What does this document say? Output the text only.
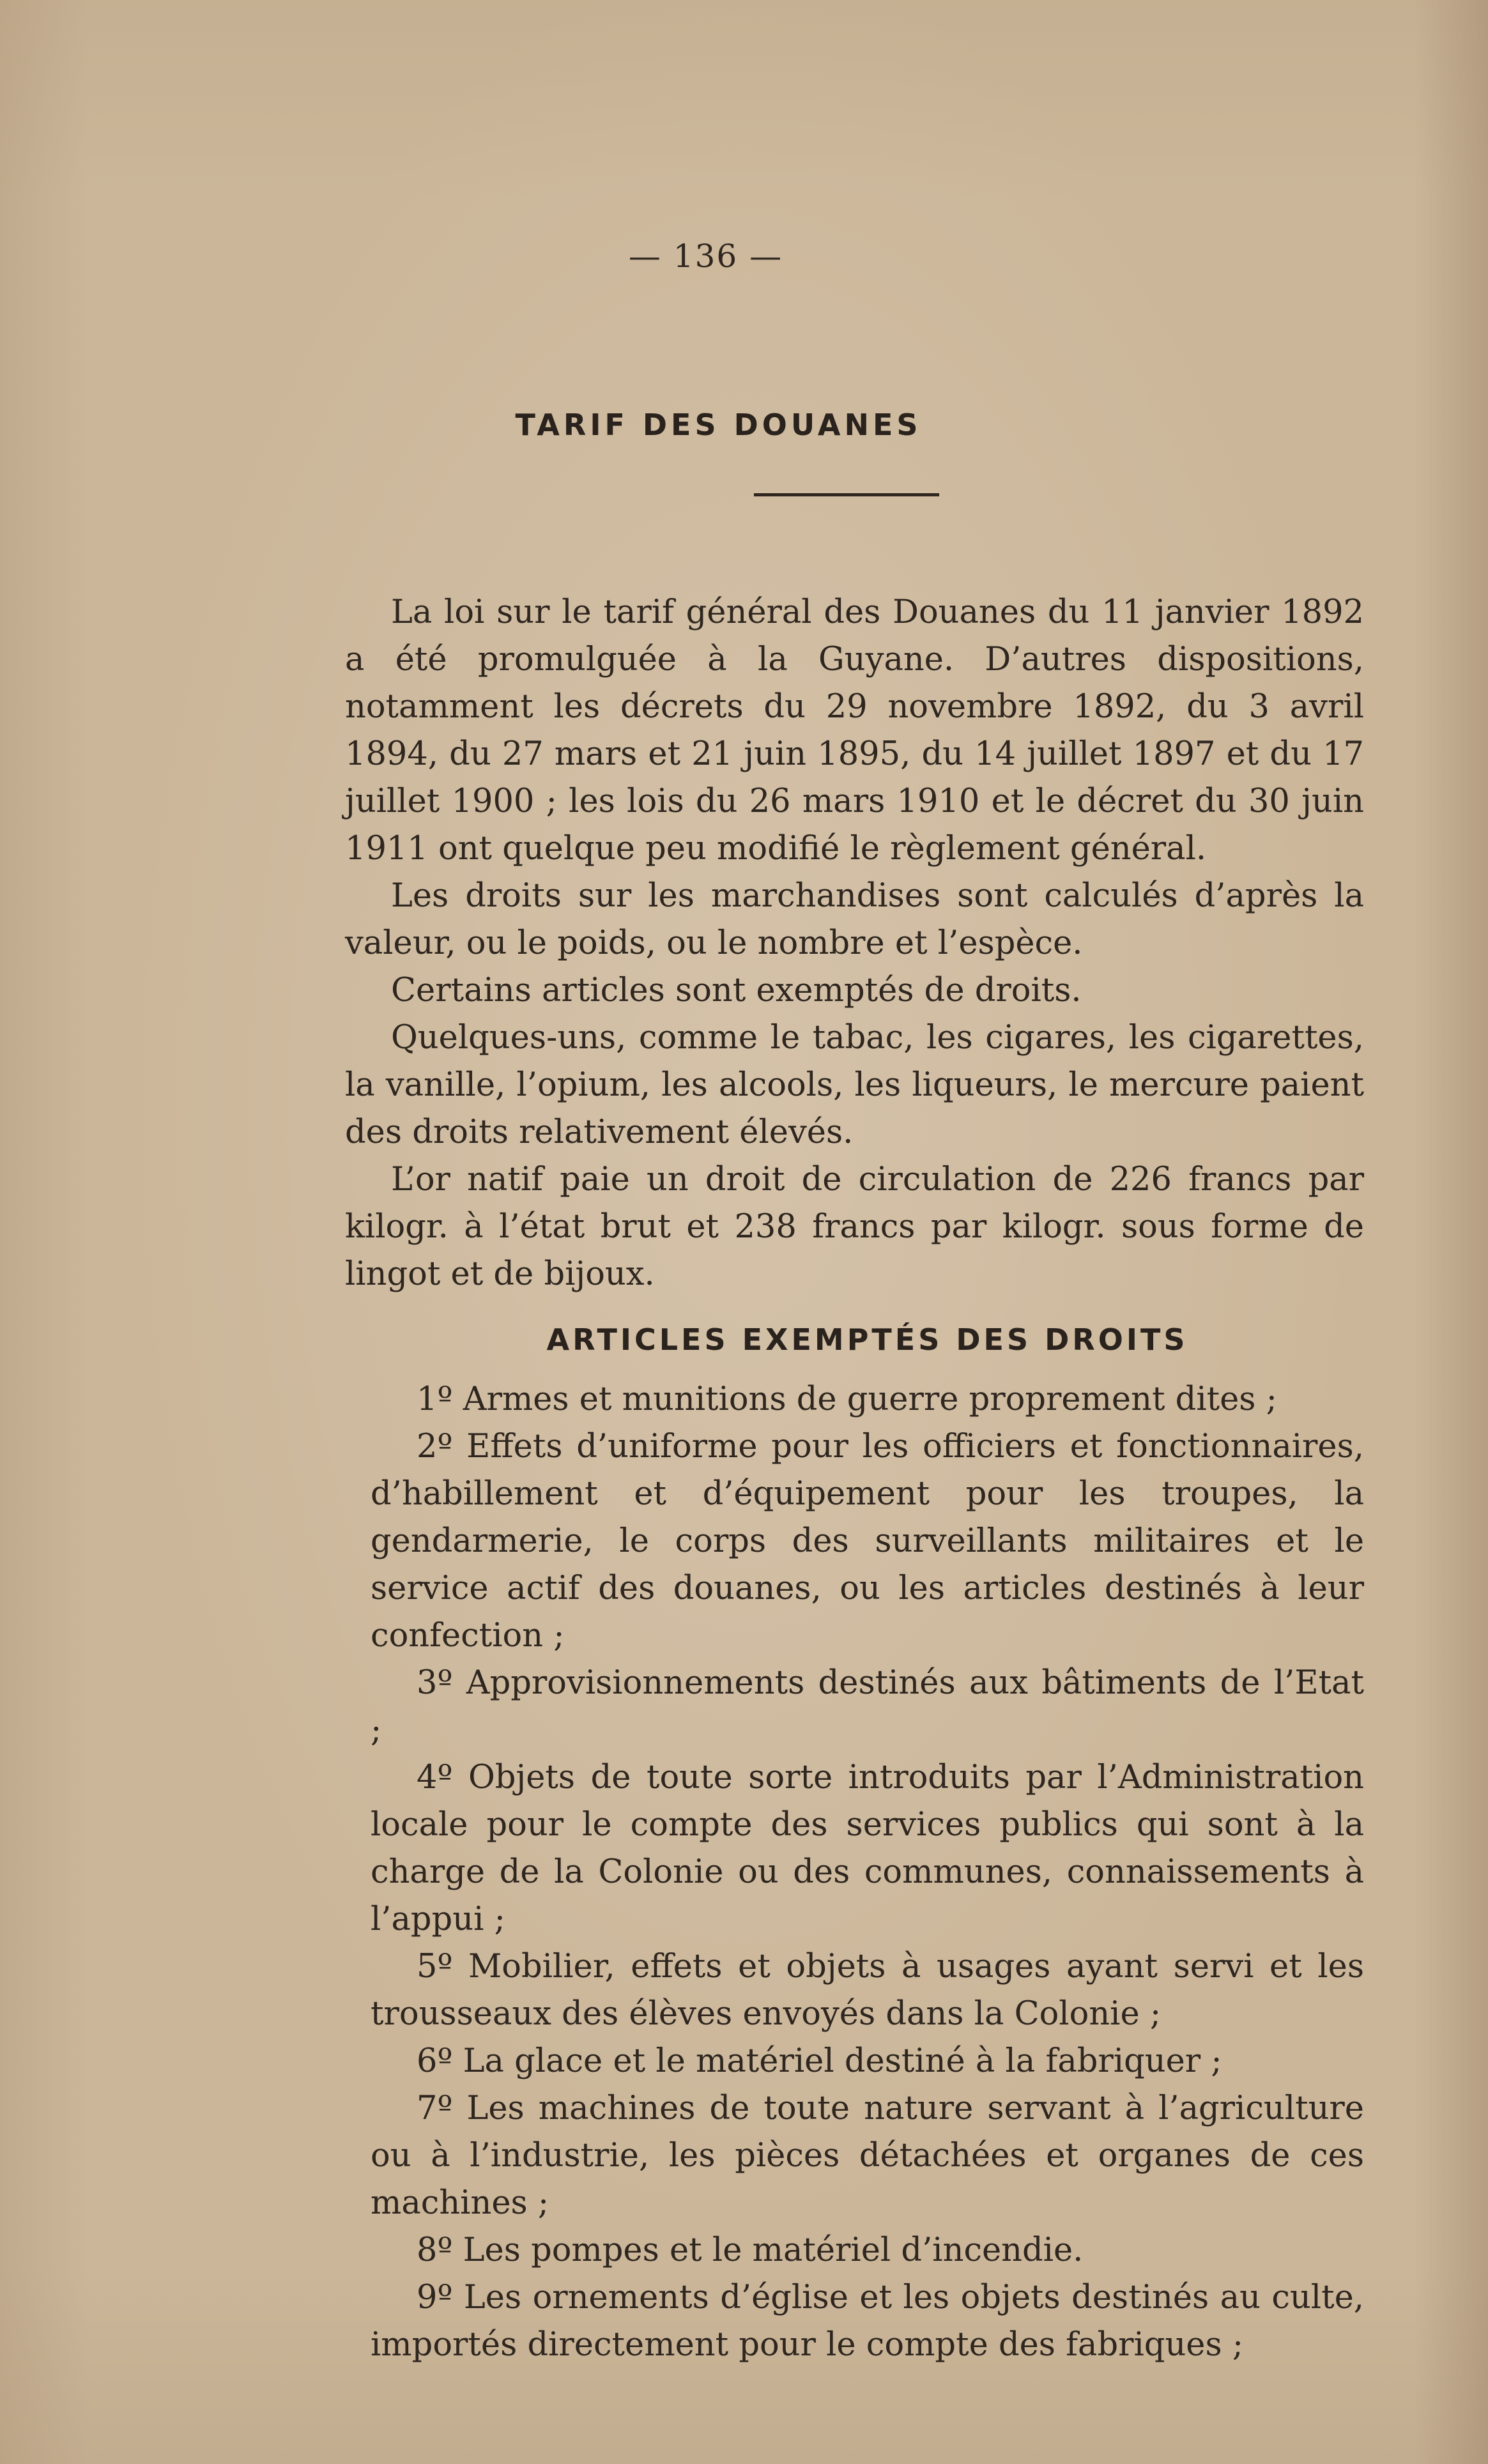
— 136 —
TARIF DES DOUANES

La loi sur le tarif général des Douanes du 11 janvier 1892 a été promulguée à la Guyane. D’autres dispositions, notamment les décrets du 29 novembre 1892, du 3 avril 1894, du 27 mars et 21 juin 1895, du 14 juillet 1897 et du 17 juillet 1900 ; les lois du 26 mars 1910 et le décret du 30 juin 1911 ont quelque peu modifié le règlement général.

Les droits sur les marchandises sont calculés d’après la valeur, ou le poids, ou le nombre et l’espèce.

Certains articles sont exemptés de droits.

Quelques-uns, comme le tabac, les cigares, les cigarettes, la vanille, l’opium, les alcools, les liqueurs, le mercure paient des droits relativement élevés.

L’or natif paie un droit de circulation de 226 francs par kilogr. à l’état brut et 238 francs par kilogr. sous forme de lingot et de bijoux.

ARTICLES EXEMPTÉS DES DROITS

1º Armes et munitions de guerre proprement dites ;

2º Effets d’uniforme pour les officiers et fonctionnaires, d’habillement et d’équipement pour les troupes, la gendarmerie, le corps des surveillants militaires et le service actif des douanes, ou les articles destinés à leur confection ;

3º Approvisionnements destinés aux bâtiments de l’Etat ;

4º Objets de toute sorte introduits par l’Administration locale pour le compte des services publics qui sont à la charge de la Colonie ou des communes, connaissements à l’appui ;

5º Mobilier, effets et objets à usages ayant servi et les trousseaux des élèves envoyés dans la Colonie ;

6º La glace et le matériel destiné à la fabriquer ;

7º Les machines de toute nature servant à l’agriculture ou à l’industrie, les pièces détachées et organes de ces machines ;

8º Les pompes et le matériel d’incendie.

9º Les ornements d’église et les objets destinés au culte, importés directement pour le compte des fabriques ;
